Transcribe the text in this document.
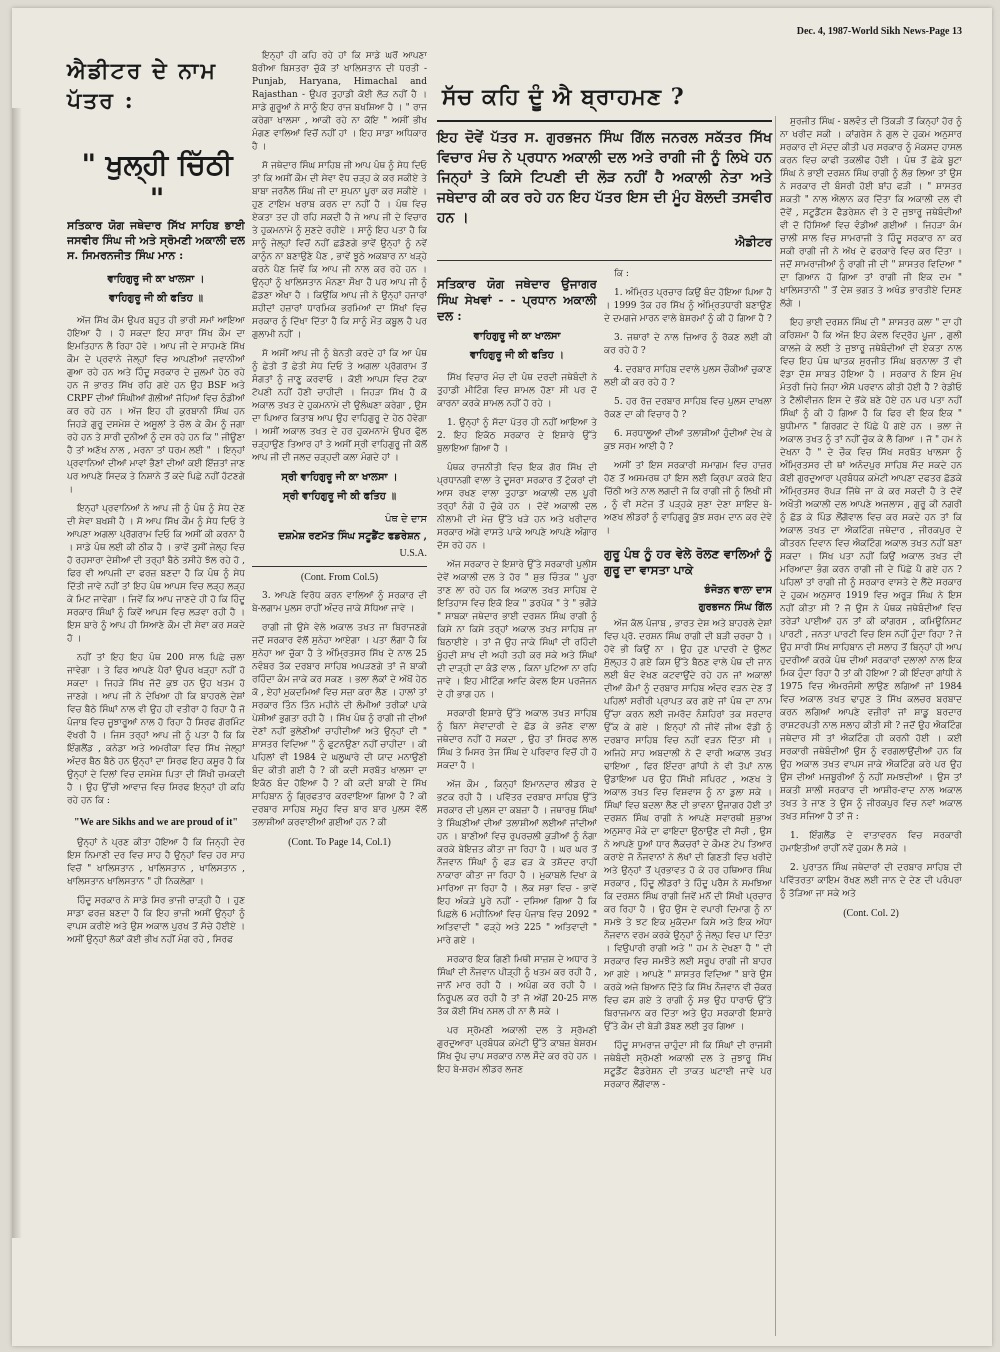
Dec. 4, 1987-World Sikh News-Page 13
ਐਡੀਟਰ ਦੇ ਨਾਮ ਪੱਤਰ :
" ਖੁਲ੍ਹੀ ਚਿੱਠੀ "
ਸਤਿਕਾਰ ਯੋਗ ਜਥੇਦਾਰ ਸਿੱਖ ਸਾਹਿਬ ਭਾਈ ਜਸਵੀਰ ਸਿੰਘ ਜੀ ਅਤੇ ਸ੍ਰੋਮਣੀ ਅਕਾਲੀ ਦਲ ਸ. ਸਿਮਰਨਜੀਤ ਸਿੰਘ ਮਾਨ :
ਵਾਹਿਗੁਰੂ ਜੀ ਕਾ ਖਾਲਸਾ ।
ਵਾਹਿਗੁਰੂ ਜੀ ਕੀ ਫਤਿਹ ॥

ਅੱਜ ਸਿੱਖ ਕੌਮ ਉਪਰ ਬਹੁਤ ਹੀ ਭਾਰੀ ਸਮਾਂ ਆਇਆ ਹੋਇਆ ਹੈ । ਹੋ ਸਕਦਾ ਇਹ ਸਾਰਾ ਸਿੱਖ ਕੌਮ ਦਾ ਇਮਤਿਹਾਨ ਲੈ ਰਿਹਾ ਹੋਵੇ । ਆਪ ਜੀ ਦੇ ਸਾਹਮਣੇ ਸਿੱਖ ਕੌਮ ਦੇ ਪ੍ਰਵਾਨੇ ਜੇਲ੍ਹਾਂ ਵਿਚ ਆਪਣੀਆਂ ਜਵਾਨੀਆਂ ਗੁਆ ਰਹੇ ਹਨ ਅਤੇ ਹਿੰਦੂ ਸਰਕਾਰ ਦੇ ਜ਼ੁਲਮਾਂ ਹੇਠ ਰਹੇ ਹਨ ਜੋ ਭਾਰਤ ਸਿੱਖ ਰਹਿ ਗਏ ਹਨ ਉਹ BSF ਅਤੇ CRPF ਦੀਆਂ ਸਿੰਘੀਆਂ ਗੋਲੀਆਂ ਜੋਹਿਆਂ ਵਿਚ ਠੰਡੀਆਂ ਕਰ ਰਹੇ ਹਨ । ਅੱਜ ਇਹ ਹੀ ਕੁਰਬਾਨੀ ਸਿੰਘ ਹਨ ਜਿਹੜੇ ਗੁਰੂ ਦਸਮੇਸ਼ ਦੇ ਅਸੂਲਾਂ ਤੇ ਚੱਲ ਕੇ ਕੌਮ ਨੂੰ ਜਗਾ ਰਹੇ ਹਨ ਤੇ ਸਾਰੀ ਦੁਨੀਆਂ ਨੂੰ ਦਸ ਰਹੇ ਹਨ ਕਿ " ਜੀਊਣਾ ਹੈ ਤਾਂ ਅਣੱਖ ਨਾਲ , ਮਰਨਾ ਤਾਂ ਧਰਮ ਲਈ " । ਇਨ੍ਹਾਂ ਪ੍ਰਵਾਨਿਆਂ ਦੀਆਂ ਮਾਵਾਂ ਭੈਣਾਂ ਦੀਆਂ ਕਈ ਇੱਜ਼ਤਾਂ ਜਾਣ ਪਰ ਆਪਣੇ ਸਿਦਕ ਤੇ ਨਿਸ਼ਾਨੇ ਤੋਂ ਕਦੇ ਪਿਛੇ ਨਹੀਂ ਹੱਟਣਗੇ ।

ਇਨ੍ਹਾਂ ਪ੍ਰਵਾਨਿਆਂ ਨੇ ਆਪ ਜੀ ਨੂੰ ਪੰਥ ਨੂੰ ਸੇਧ ਦੇਣ ਦੀ ਸੇਵਾ ਬਖਸ਼ੀ ਹੈ । ਸੋ ਆਪ ਸਿੱਖ ਕੌਮ ਨੂੰ ਸੇਧ ਦਿਓ ਤੇ ਆਪਣਾ ਅਗਲਾ ਪ੍ਰੋਗਰਾਮ ਦਿਓ ਕਿ ਅਸੀਂ ਕੀ ਕਰਨਾ ਹੈ । ਸਾਡੇ ਪੰਥ ਲਈ ਕੀ ਠੀਕ ਹੈ । ਭਾਵੇਂ ਤੁਸੀਂ ਜੇਲ੍ਹ ਵਿਚ ਹੋ ਰਹਸਾਰਾ ਦੇਸ਼ੀਆਂ ਦੀ ਤਰ੍ਹਾਂ ਬੈਠੇ ਤਸੀਹੇ ਝੱਲ ਰਹੇ ਹੋ , ਫਿਰ ਵੀ ਆਪਜੀ ਦਾ ਫਰਜ਼ ਬਣਦਾ ਹੈ ਕਿ ਪੰਥ ਨੂੰ ਸੇਧ ਦਿੱਤੀ ਜਾਵੇ ਨਹੀਂ ਤਾਂ ਇਹ ਪੰਥ ਆਪਸ ਵਿਚ ਲੜ੍ਹ ਲੜ੍ਹ ਕੇ ਮਿਟ ਜਾਵੇਗਾ । ਜਿਵੇਂ ਕਿ ਆਪ ਜਾਣਦੇ ਹੀ ਹੋ ਕਿ ਹਿੰਦੂ ਸਰਕਾਰ ਸਿੰਘਾਂ ਨੂੰ ਕਿਵੇਂ ਆਪਸ ਵਿਚ ਲੜਵਾ ਰਹੀ ਹੈ । ਇਸ ਬਾਰੇ ਨੂੰ ਆਪ ਹੀ ਸਿਆਣੇ ਕੌਮ ਦੀ ਸੇਵਾ ਕਰ ਸਕਦੇ ਹੋ ।

ਨਹੀਂ ਤਾਂ ਇਹ ਇਹ ਪੰਥ 200 ਸਾਲ ਪਿਛੇ ਚਲਾ ਜਾਵੇਗਾ । ਤੇ ਫਿਰ ਆਪਣੇ ਪੈਰਾਂ ਉਪਰ ਖੜ੍ਹਾ ਨਹੀਂ ਹੋ ਸਕਦਾ । ਜਿਹੜੇ ਸਿੱਖ ਜੱਦੋ ਕੁਝ ਹਨ ਉਹ ਖਤਮ ਹੋ ਜਾਣਗੇ । ਆਪ ਜੀ ਨੇ ਦੇਖਿਆ ਹੀ ਕਿ ਬਾਹਰਲੇ ਦੇਸ਼ਾਂ ਵਿਚ ਬੈਠੇ ਸਿੰਘਾਂ ਨਾਲ ਵੀ ਉਹ ਹੀ ਵਤੀਰਾ ਹੋ ਰਿਹਾ ਹੈ ਜੋ ਪੰਜਾਬ ਵਿਚ ਜੂਝਾਰੂਆਂ ਨਾਲ ਹੋ ਰਿਹਾ ਹੈ ਸਿਰਫ ਗੋਰਮਿੰਟ ਵੱਖਰੀ ਹੈ । ਜਿਸ ਤਰ੍ਹਾਂ ਆਪ ਜੀ ਨੂੰ ਪਤਾ ਹੈ ਕਿ ਕਿ ਇੰਗਲੈਂਡ , ਕਨੇਡਾ ਅਤੇ ਅਮਰੀਕਾ ਵਿਚ ਸਿੱਖ ਜੇਲ੍ਹਾਂ ਅੰਦਰ ਬੈਠ ਬੈਠੇ ਹਨ ਉਨ੍ਹਾਂ ਦਾ ਸਿਰਫ ਇਹ ਕਸੂਰ ਹੈ ਕਿ ਉਨ੍ਹਾਂ ਦੇ ਦਿਲਾਂ ਵਿਚ ਦਸਮੇਸ਼ ਪਿਤਾ ਦੀ ਸਿੱਖੀ ਚਮਕਦੀ ਹੈ । ਉਹ ਉੱਚੀ ਆਵਾਜ਼ ਵਿਚ ਸਿਰਫ ਇਨ੍ਹਾਂ ਹੀ ਕਹਿ ਰਹੇ ਹਨ ਕਿ :

"We are Sikhs and we are proud of it"

ਉਨ੍ਹਾਂ ਨੇ ਪ੍ਰਣ ਕੀਤਾ ਹੋਇਆ ਹੈ ਕਿ ਜਿਨ੍ਹੀ ਦੇਰ ਇਸ ਨਿਮਾਣੀ ਦਰ ਵਿਚ ਸਾਹ ਹੈ ਉਨ੍ਹਾਂ ਵਿਚ ਹਰ ਸਾਹ ਵਿਚੋਂ " ਖਾਲਿਸਤਾਨ , ਖਾਲਿਸਤਾਨ , ਖਾਲਿਸਤਾਨ , ਖਾਲਿਸਤਾਨ ਖਾਲਿਸਤਾਨ " ਹੀ ਨਿਕਲੇਗਾ ।

ਹਿੰਦੂ ਸਰਕਾਰ ਨੇ ਸਾਡੇ ਸਿਰ ਭਾਜੀ ਚਾੜ੍ਹੀ ਹੈ । ਹੁਣ ਸਾਡਾ ਫਰਜ਼ ਬਣਦਾ ਹੈ ਕਿ ਇਹ ਭਾਜੀ ਅਸੀਂ ਉਨ੍ਹਾਂ ਨੂੰ ਵਾਪਸ ਕਰੀਏ ਅਤੇ ਉਸ ਅਕਾਲ ਪੁਰਖ ਤੋਂ ਸੱਚੇ ਹੋਈਏ । ਅਸੀਂ ਉਨ੍ਹਾਂ ਲੋਕਾਂ ਕੋਈ ਭੀਖ ਨਹੀਂ ਮੰਗ ਰਹੇ , ਸਿਰਫ

ਇਨ੍ਹਾਂ ਹੀ ਕਹਿ ਰਹੇ ਹਾਂ ਕਿ ਸਾਡੇ ਘਰੋਂ ਆਪਣਾ ਬੋਰੀਆ ਬਿਸਤਰਾ ਚੁੱਕੋ ਤਾਂ ਖਾਲਿਸਤਾਨ ਦੀ ਧਰਤੀ - Punjab, Haryana, Himachal and Rajasthan - ਉਪਰ ਤੁਹਾਡੀ ਕੋਈ ਲੋੜ ਨਹੀਂ ਹੈ । ਸਾਡੇ ਗੁਰੂਆਂ ਨੇ ਸਾਨੂੰ ਇਹ ਰਾਜ ਬਖਸ਼ਿਆ ਹੈ । " ਰਾਜ ਕਰੇਗਾ ਖਾਲਸਾ , ਆਕੀ ਰਹੇ ਨਾ ਕੋਇ " ਅਸੀਂ ਭੀਖ ਮੰਗਣ ਵਾਲਿਆਂ ਵਿਚੋਂ ਨਹੀਂ ਹਾਂ । ਇਹ ਸਾਡਾ ਅਧਿਕਾਰ ਹੈ ।

ਸੋ ਜਥੇਦਾਰ ਸਿੰਘ ਸਾਹਿਬ ਜੀ ਆਪ ਪੰਥ ਨੂੰ ਸੇਧ ਦਿਓ ਤਾਂ ਕਿ ਅਸੀਂ ਕੌਮ ਦੀ ਸੇਵਾ ਵੱਧ ਚੜ੍ਹ ਕੇ ਕਰ ਸਕੀਏ ਤੇ ਬਾਬਾ ਜਰਨੈਲ ਸਿੰਘ ਜੀ ਦਾ ਸੁਪਨਾ ਪੂਰਾ ਕਰ ਸਕੀਏ । ਹੁਣ ਟਾਇਮ ਖਰਾਬ ਕਰਨ ਦਾ ਨਹੀਂ ਹੈ । ਪੰਥ ਵਿਚ ਏਕਤਾ ਤਦ ਹੀ ਰਹਿ ਸਕਦੀ ਹੈ ਜੇ ਆਪ ਜੀ ਦੇ ਵਿਚਾਰ ਤੇ ਹੁਕਮਨਾਮੇ ਨੂੰ ਸੁਣਦੇ ਰਹੀਏ । ਸਾਨੂੰ ਇਹ ਪਤਾ ਹੈ ਕਿ ਸਾਨੂੰ ਜੇਲ੍ਹਾਂ ਵਿਚੋਂ ਨਹੀਂ ਛਡੋਣਗੇ ਭਾਵੇਂ ਉਨ੍ਹਾਂ ਨੂੰ ਨਵੇਂ ਕਾਨੂੰਨ ਨਾ ਬਣਾਉਣੇ ਪੈਣ , ਭਾਵੇਂ ਝੂਠੇ ਅਕਬਾਰ ਨਾ ਖੜ੍ਹੇ ਕਰਨੇ ਪੈਣ ਜਿਵੇਂ ਕਿ ਆਪ ਜੀ ਨਾਲ ਕਰ ਰਹੇ ਹਨ । ਉਨ੍ਹਾਂ ਨੂੰ ਖਾਲਿਸਤਾਨ ਮੰਨਣਾ ਸੌਖਾ ਹੈ ਪਰ ਆਪ ਜੀ ਨੂੰ ਛੱਡਣਾ ਔਖਾ ਹੈ । ਕਿਉਂਕਿ ਆਪ ਜੀ ਨੇ ਉਨ੍ਹਾਂ ਹਜਾਰਾਂ ਸ਼ਹੀਦਾਂ ਹਜ਼ਾਰਾਂ ਧਾਰਮਿਕ ਭਰਮਿਆਂ ਦਾ ਸਿੱਖਾਂ ਵਿਚ ਸਰਕਾਰ ਨੂੰ ਦਿੱਖਾ ਦਿੱਤਾ ਹੈ ਕਿ ਸਾਨੂੰ ਮੌਤ ਕਬੂਲ ਹੈ ਪਰ ਗੁਲਾਮੀ ਨਹੀਂ ।

ਸੋ ਅਸੀਂ ਆਪ ਜੀ ਨੂੰ ਬੇਨਤੀ ਕਰਦੇ ਹਾਂ ਕਿ ਆ ਪੰਥ ਨੂੰ ਛੇਤੀ ਤੋਂ ਛੇਤੀ ਸੇਧ ਦਿਓ ਤੇ ਅਗਲਾ ਪ੍ਰੋਗਰਾਮ ਤੋਂ ਸੰਗਤਾਂ ਨੂੰ ਜਾਣੂ ਕਰਵਾਓ । ਕੋਈ ਆਪਸ ਵਿਚ ਟੋਕਾ ਟੋਪਣੀ ਨਹੀਂ ਹੋਣੀ ਚਾਹੀਦੀ । ਜਿਹੜਾ ਸਿੱਖ ਹੈ ਕੋ ਅਕਾਲ ਤਖਤ ਦੇ ਹੁਕਮਨਾਮੇ ਦੀ ਉਲੰਘਣਾ ਕਰੇਗਾ , ਉਸ ਦਾ ਪਿਆਰ ਕਿਤਾਬ ਆਪ ਉਹ ਵਾਹਿਗੁਰੂ ਦੇ ਹੇਠ ਹੋਵੇਗਾ । ਅਸੀਂ ਅਕਾਲ ਤਖਤ ਦੇ ਹਰ ਹੁਕਮਨਾਮੇ ਉਪਰ ਫੁੱਲ ਚੜ੍ਹਾਉਣ ਤਿਆਰ ਹਾਂ ਤੇ ਅਸੀਂ ਸ੍ਰੀ ਵਾਹਿਗੁਰੂ ਜੀ ਕੋਲੋਂ ਆਪ ਜੀ ਦੀ ਜਲਦ ਚੜ੍ਹਦੀ ਕਲਾ ਮੰਗਦੇ ਹਾਂ ।

ਸ੍ਰੀ ਵਾਹਿਗੁਰੂ ਜੀ ਕਾ ਖਾਲਸਾ ।
ਸ੍ਰੀ ਵਾਹਿਗੁਰੂ ਜੀ ਕੀ ਫਤਿਹ ॥
ਪੰਥ ਦੇ ਦਾਸ
ਦਸ਼ਮੇਸ਼ ਰਣਮੱਤ ਸਿੰਘ ਸਟੂਡੈਂਟ ਫਡਰੇਸ਼ਨ ,
U.S.A.
(Cont. From Col.5)

3. ਆਪਣੇ ਵਿਰੋਧ ਕਰਨ ਵਾਲਿਆਂ ਨੂੰ ਸਰਕਾਰ ਦੀ ਬੇ-ਲਗਾਮ ਪੁਲਸ ਰਾਹੀਂ ਅੰਦਰ ਜਾਕੇ ਸੋਧਿਆ ਜਾਵੇ ।

ਰਾਗੀ ਜੀ ਉਸੇ ਵੇਲੇ ਅਕਾਲ ਤਖਤ ਜਾ ਬਿਰਾਜਣਗੇ ਜਦੋਂ ਸਰਕਾਰ ਵੱਲੋਂ ਸੁਨੇਹਾ ਆਏਗਾ । ਪਤਾ ਲੱਗਾ ਹੈ ਕਿ ਸੁਨੇਹਾ ਆ ਚੁੱਕਾ ਹੈ ਤੇ ਅੰਮ੍ਰਿਤਸਰ ਸਿੱਖ ਦੇ ਨਾਲ 25 ਨਵੰਬਰ ਤੱਕ ਦਰਬਾਰ ਸਾਹਿਬ ਅਪੜਣਗੇ ਤਾਂ ਜੋ ਬਾਕੀ ਰਹਿੰਦਾ ਕੰਮ ਜਾਕੇ ਕਰ ਸਕਣ । ਭਲਾ ਲੋਕਾਂ ਦੇ ਅੱਖੋਂ ਹੇਠ ਕੋ , ਏਹਾਂ ਮੁਕਦਮਿਆਂ ਵਿਚ ਸਜ਼ਾ ਕਰਾ ਲੈਣ । ਹਾਲਾਂ ਤਾਂ ਸਰਕਾਰ ਤਿੰਨ ਤਿੰਨ ਮਹੀਨੇ ਦੀ ਲੰਮੀਆਂ ਤਰੀਕਾਂ ਪਾਕੇ ਪੇਸ਼ੀਆਂ ਭੁਗਤਾ ਰਹੀ ਹੈ । ਸਿੱਖ ਪੰਥ ਨੂੰ ਰਾਗੀ ਜੀ ਦੀਆਂ ਦੇਣਾਂ ਨਹੀਂ ਭੁਲੇਣੀਆਂ ਚਾਹੀਦੀਆਂ ਅਤੇ ਉਨ੍ਹਾਂ ਦੀ " ਸ਼ਾਸਤਰ ਵਿਦਿਆ " ਨੂੰ ਫੁਟਨਉਣਾ ਨਹੀਂ ਚਾਹੀਦਾ । ਕੀ ਪਹਿਲਾਂ ਵੀ 1984 ਦੇ ਘਲੂਘਾਰੇ ਦੀ ਯਾਦ ਮਨਾਉਣੀ ਬੰਦ ਕੀਤੀ ਗਈ ਹੈ ? ਕੀ ਕਦੀ ਸਰਬੱਤ ਖਾਲਸਾ ਦਾ ਇਕੱਠ ਬੰਦ ਹੋਇਆ ਹੈ ? ਕੀ ਕਦੀ ਬਾਕੀ ਦੇ ਸਿੱਖ ਸਾਹਿਬਾਨ ਨੂੰ ਗ੍ਰਿਫਤਾਰ ਕਰਵਾਇਆ ਗਿਆ ਹੈ ? ਕੀ ਦਰਬਾਰ ਸਾਹਿਬ ਸਮੂਹ ਵਿਚ ਬਾਰ ਬਾਰ ਪੁਲਸ ਵੱਲੋਂ ਤਲਾਸ਼ੀਆਂ ਕਰਵਾਈਆਂ ਗਈਆਂ ਹਨ ? ਕੀ

(Cont. To Page 14, Col.1)
ਸੱਚ ਕਹਿ ਦੂੰ ਐ ਬ੍ਰਾਹਮਣ ?
ਇਹ ਦੋਵੇਂ ਪੱਤਰ ਸ. ਗੁਰਭਜਨ ਸਿੰਘ ਗਿੱਲ ਜਨਰਲ ਸਕੱਤਰ ਸਿੱਖ ਵਿਚਾਰ ਮੰਚ ਨੇ ਪ੍ਰਧਾਨ ਅਕਾਲੀ ਦਲ ਅਤੇ ਰਾਗੀ ਜੀ ਨੂੰ ਲਿਖੇ ਹਨ ਜਿਨ੍ਹਾਂ ਤੇ ਕਿਸੇ ਟਿਪਣੀ ਦੀ ਲੋੜ ਨਹੀਂ ਹੈ ਅਕਾਲੀ ਨੇਤਾ ਅਤੇ ਜਥੇਦਾਰ ਕੀ ਕਰ ਰਹੇ ਹਨ ਇਹ ਪੱਤਰ ਇਸ ਦੀ ਮੂੰਹ ਬੋਲਦੀ ਤਸਵੀਰ ਹਨ ।
ਐਡੀਟਰ
ਸਤਿਕਾਰ ਯੋਗ ਜਥੇਦਾਰ ਉਜਾਗਰ ਸਿੰਘ ਸੇਖਵਾਂ - - ਪ੍ਰਧਾਨ ਅਕਾਲੀ ਦਲ :
ਵਾਹਿਗੁਰੂ ਜੀ ਕਾ ਖਾਲਸਾ
ਵਾਹਿਗੁਰੂ ਜੀ ਕੀ ਫਤਿਹ ।

ਸਿੱਖ ਵਿਚਾਰ ਮੰਚ ਦੀ ਪੰਥ ਦਰਦੀ ਜਥੇਬੰਦੀ ਨੇ ਤੁਹਾਡੀ ਮੀਟਿੰਗ ਵਿਚ ਸ਼ਾਮਲ ਹੋਣਾ ਸੀ ਪਰ ਦੋ ਕਾਰਨਾ ਕਰਕੇ ਸ਼ਾਮਲ ਨਹੀਂ ਹੋ ਰਹੇ ।

1. ਉਨ੍ਹਾਂ ਨੂੰ ਸੱਦਾ ਪੱਤਰ ਹੀ ਨਹੀਂ ਆਇਆ ਤੇ 2. ਇਹ ਇਕੱਠ ਸਰਕਾਰ ਦੇ ਇਸ਼ਾਰੇ ਉੱਤੇ ਬੁਲਾਇਆ ਗਿਆ ਹੈ ।

ਪੰਥਕ ਰਾਜਨੀਤੀ ਵਿਚ ਇਕ ਗੋਰ ਸਿੱਖ ਦੀ ਪ੍ਰਧਾਨਗੀ ਵਾਲਾ ਤੇ ਦੂਸਰਾ ਸਰਕਾਰ ਤੋਂ ਟੁੱਕਰਾਂ ਦੀ ਆਸ ਰਖਣ ਵਾਲਾ ਤੁਹਾਡਾ ਅਕਾਲੀ ਦਲ ਪੂਰੀ ਤਰ੍ਹਾਂ ਨੰਗੇ ਹੋ ਚੁੱਕੇ ਹਨ । ਦੋਵੇਂ ਅਕਾਲੀ ਦਲ ਨੀਲਾਮੀ ਦੀ ਮੇਜ਼ ਉੱਤੇ ਖੜੇ ਹਨ ਅਤੇ ਖਰੀਦਾਰ ਸਰਕਾਰ ਅੱਗੇ ਵਾਸਤੇ ਪਾਕੇ ਆਪਣੇ ਆਪਣੇ ਅੰਗਾਰ ਦੱਸ ਰਹੇ ਹਨ ।

ਅੱਜ ਸਰਕਾਰ ਦੇ ਇਸ਼ਾਰੇ ਉੱਤੇ ਸਰਕਾਰੀ ਪੁਲੀਸ ਦੇਵੇਂ ਅਕਾਲੀ ਦਲ ਤੇ ਹੋਰ " ਸ਼ੁਭ ਚਿੰਤਕ " ਪੂਰਾ ਤਾਣ ਲਾ ਰਹੇ ਹਨ ਕਿ ਅਕਾਲ ਤਖਤ ਸਾਹਿਬ ਦੇ ਇਤਿਹਾਸ ਵਿਚ ਇਕੋ ਇਕ " ਡਰਪੋਕ " ਤੇ " ਭਗੌੜੇ " ਸਾਬਕਾ ਜਥੇਦਾਰ ਭਾਈ ਦਰਸ਼ਨ ਸਿੰਘ ਰਾਗੀ ਨੂੰ ਕਿਸੇ ਨਾ ਕਿਸੇ ਤਰ੍ਹਾਂ ਅਕਾਲ ਤਖਤ ਸਾਹਿਬ ਜਾ ਬਿਠਾਈਏ । ਤਾਂ ਜੋ ਉਹ ਜਾਕੇ ਸਿੰਘਾਂ ਦੀ ਰਹਿੰਦੀ ਖੂੰਹਦੀ ਸ਼ਾਖ ਦੀ ਅਹੀ ਤਹੀ ਕਰ ਸਕੇ ਅਤੇ ਸਿੰਘਾਂ ਦੀ ਦਾੜ੍ਹੀ ਦਾ ਕੰਡੋ ਵਾਲ , ਕਿਨਾ ਪੁਟਿਆ ਨਾ ਰਹਿ ਜਾਵੇ । ਇਹ ਮੀਟਿੰਗ ਆਦਿ ਕੇਵਲ ਇਸ ਪਰਜੋਜਨ ਦੇ ਹੀ ਭਾਗ ਹਨ ।

ਸਰਕਾਰੀ ਇਸ਼ਾਰੇ ਉੱਤੇ ਅਕਾਲ ਤਖਤ ਸਾਹਿਬ ਨੂੰ ਬਿਨਾ ਸੇਵਾਦਾਰੀ ਦੇ ਛੱਡ ਕੇ ਭਜੱਣ ਵਾਲਾ ਜਥੇਦਾਰ ਨਹੀਂ ਹੋ ਸਕਦਾ , ਉਹ ਤਾਂ ਸਿਰਫ ਲਾਲ ਸਿੰਘ ਤੇ ਮਿਸਰ ਤੇਜ ਸਿੰਘ ਦੇ ਪਰਿਵਾਰ ਵਿਚੋਂ ਹੀ ਹੋ ਸਕਦਾ ਹੈ ।

ਅੱਜ ਕੌਮ , ਕਿਨ੍ਹਾਂ ਇਮਾਨਦਾਰ ਲੀਡਰ ਦੇ ਭਟਕ ਰਹੀ ਹੈ । ਪਵਿੱਤਰ ਦਰਬਾਰ ਸਾਹਿਬ ਉੱਤੇ ਸਰਕਾਰ ਦੀ ਪੁਲਸ ਦਾ ਕਬਜ਼ਾ ਹੈ । ਜਥਾਰਥੁ ਸਿੰਘਾਂ ਤੇ ਸਿੰਘਣੀਆਂ ਦੀਆਂ ਤਲਾਸ਼ੀਆਂ ਲਈਆਂ ਜਾਂਦੀਆਂ ਹਨ । ਬਾਣੀਆਂ ਵਿਚ ਰੁਪਰਚਲੀ ਕੁੜੀਆਂ ਨੂੰ ਨੰਗਾ ਕਰਕੇ ਬੇਇਜ਼ਤ ਕੀਤਾ ਜਾ ਰਿਹਾ ਹੈ । ਘਰ ਘਰ ਤੋਂ ਨੌਜਵਾਨ ਸਿੰਘਾਂ ਨੂੰ ਫੜ ਫੜ ਕੇ ਤਸ਼ੱਦਦ ਰਾਹੀਂ ਨਾਕਾਰਾ ਕੀਤਾ ਜਾ ਰਿਹਾ ਹੈ । ਮੁਕਾਬਲੇ ਦਿਖਾ ਕੇ ਮਾਰਿਆ ਜਾ ਰਿਹਾ ਹੈ । ਲੋਕ ਸਭਾ ਵਿਚ - ਭਾਵੇਂ ਇਹ ਅੰਕੜੇ ਪੂਰੇ ਨਹੀਂ - ਦਸਿਆ ਗਿਆ ਹੈ ਕਿ ਪਿਛਲੇ 6 ਮਹੀਨਿਆਂ ਵਿਚ ਪੰਜਾਬ ਵਿਚ 2092 " ਅਤਿਵਾਦੀ " ਫੜ੍ਹੇ ਅਤੇ 225 " ਅਤਿਵਾਦੀ " ਮਾਰੇ ਗਏ ।

ਸਰਕਾਰ ਇਕ ਗਿਣੀ ਮਿਥੀ ਸਾਜ਼ਸ਼ ਦੇ ਅਧਾਰ ਤੇ ਸਿੰਘਾਂ ਦੀ ਨੌਜਵਾਨ ਪੀੜ੍ਹੀ ਨੂੰ ਖਤਮ ਕਰ ਰਹੀ ਹੈ , ਜਾਨੋਂ ਮਾਰ ਰਹੀ ਹੈ । ਅਪੰਗ ਕਰ ਰਹੀ ਹੈ । ਨਿਰੂਪਲ ਕਰ ਰਹੀ ਹੈ ਤਾਂ ਜੋ ਅੱਗੋਂ 20-25 ਸਾਲ ਤੱਕ ਕੋਈ ਸਿੱਖ ਨਸਲ ਹੀ ਨਾ ਲੈ ਸਕੇ ।

ਪਰ ਸ੍ਰੋਮਣੀ ਅਕਾਲੀ ਦਲ ਤੇ ਸ੍ਰੋਮਣੀ ਗੁਰਦੁਆਰਾ ਪ੍ਰਬੰਧਕ ਕਮੇਟੀ ਉੱਤੇ ਕਾਬਜ਼ ਬੇਸ਼ਰਮ ਸਿੱਖ ਚੁੱਪ ਚਾਪ ਸਰਕਾਰ ਨਾਲ ਸੌਦੇ ਕਰ ਰਹੇ ਹਨ । ਇਹ ਬੇ-ਸ਼ਰਮ ਲੀਡਰ ਲਜਣ

ਕਿ :

1. ਅੰਮ੍ਰਿਤ ਪ੍ਰਚਾਰ ਕਿਉਂ ਬੰਦ ਹੋਇਆ ਪਿਆ ਹੈ । 1999 ਤੱਕ ਹਰ ਸਿੱਖ ਨੂੰ ਅੰਮ੍ਰਿਤਧਾਰੀ ਬਣਾਉਣ ਦੇ ਦਮਗਜੇ ਮਾਰਨ ਵਾਲੇ ਬੇਸ਼ਰਮਾਂ ਨੂੰ ਕੀ ਹੋ ਗਿਆ ਹੈ ?

3. ਜਥਾਰਾਂ ਦੇ ਨਾਲ ਜ਼ਿਆਰ ਨੂੰ ਰੋਕਣ ਲਈ ਕੀ ਕਰ ਰਹੇ ਹੋ ?

4. ਦਰਬਾਰ ਸਾਹਿਬ ਦਵਾਲੇ ਪੁਲਸ ਚੌਕੀਆਂ ਚੁਕਾਣ ਲਈ ਕੀ ਕਰ ਰਹੇ ਹੋ ?

5. ਹਰ ਰੋਜ਼ ਦਰਬਾਰ ਸਾਹਿਬ ਵਿਚ ਪੁਲਸ ਦਾਖਲਾ ਰੋਕਣ ਦਾ ਕੀ ਵਿਚਾਰ ਹੈ ?

6. ਸਰਧਾਲੂਆਂ ਦੀਆਂ ਤਲਾਸ਼ੀਆਂ ਹੁੰਦੀਆਂ ਦੇਖ ਕੇ ਕੁਝ ਸਰਮ ਆਈ ਹੈ ?

ਅਸੀਂ ਤਾਂ ਇਸ ਸਰਕਾਰੀ ਸਮਾਗਮ ਵਿਚ ਹਾਜ਼ਰ ਹੋਣ ਤੋਂ ਅਸਮਰਥ ਹਾਂ ਇਸ ਲਈ ਕ੍ਰਿਪਾ ਕਰਕੇ ਇਹ ਚਿੱਠੀ ਅਤੇ ਨਾਲ ਲਗਦੀ ਜੋ ਕਿ ਰਾਗੀ ਜੀ ਨੂੰ ਲਿਖੀ ਸੀ , ਨੂੰ ਵੀ ਸਟੇਜ ਤੋਂ ਪੜ੍ਹਕੇ ਸੁਣਾ ਦੇਣਾ ਸ਼ਾਇਦ ਬੇ-ਅਣਖ ਲੀਡਰਾਂ ਨੂੰ ਵਾਹਿਗੁਰੂ ਕੁੱਝ ਸ਼ਰਮ ਦਾਨ ਕਰ ਦੇਵੇ ।

ਗੁਰੂ ਪੰਥ ਨੂੰ ਹਰ ਵੇਲੇ ਰੋਲਣ ਵਾਲਿਆਂ ਨੂੰ ਗੁਰੂ ਦਾ ਵਾਸਤਾ ਪਾਕੇ
ਝੰਜੋੜਨ ਵਾਲਾ ਦਾਸ
ਗੁਰਭਜਨ ਸਿੰਘ ਗਿੱਲ

ਅੱਜ ਕੱਲ ਪੰਜਾਬ , ਭਾਰਤ ਦੇਸ਼ ਅਤੇ ਬਾਹਰਲੇ ਦੇਸ਼ਾਂ ਵਿਚ ਪ੍ਰੋ. ਦਰਸ਼ਨ ਸਿੰਘ ਰਾਗੀ ਦੀ ਬੜੀ ਚਰਚਾ ਹੈ । ਹੋਵੇ ਭੀ ਕਿਉਂ ਨਾ । ਉਹ ਹੁਣ ਪਾਦਰੀ ਦੇ ਉਲਟ ਸੁੱਲ੍ਹਤ ਹੋ ਗਏ ਕਿਸ ਉੱਤੇ ਬੈਠਣ ਵਾਲੇ ਪੰਥ ਦੀ ਜਾਨ ਲਈ ਬੰਦ ਵੇਖਣ ਕਟਵਾਉਂਦੇ ਰਹੇ ਹਨ ਜਾਂ ਅਕਾਲਾਂ ਦੀਆਂ ਕੌਮਾਂ ਨੂੰ ਦਰਬਾਰ ਸਾਹਿਬ ਅੰਦਰ ਵੜਨ ਦੇਣ ਤੋਂ ਪਹਿਲਾਂ ਸਰੀਰੀ ਪ੍ਰਾਪਤ ਕਰ ਗਏ ਜਾਂ ਪੰਥ ਦਾ ਨਾਮ ਉੱਚਾ ਕਰਨ ਲਈ ਜਮਰੋਦ ਨੰਸ਼ਹਿਰਾਂ ਤਕ ਸਰਦਾਰ ਉੱਕ ਕੇ ਗਏ । ਇਨ੍ਹਾਂ ਨੀ ਜੀਵੇਂ ਜੀਅ ਵੱਡੀ ਨੂੰ ਦਰਬਾਰ ਸਾਹਿਬ ਵਿਚ ਨਹੀਂ ਵੜਨ ਦਿੱਤਾ ਸੀ । ਅਜਿਹੇ ਸਾਹ ਅਬਦਾਲੀ ਨੇ ਦੋ ਵਾਰੀ ਅਕਾਲ ਤਖਤ ਢਾਇਆ , ਫਿਰ ਇੰਦਰਾ ਗਾਂਧੀ ਨੇ ਵੀ ਤੋਪਾਂ ਨਾਲ ਉਡਾਇਆ ਪਰ ਉਹ ਸਿੱਖੀ ਸਪਿਰਟ , ਅਣਖ ਤੇ ਅਕਾਲ ਤਖਤ ਵਿਚ ਵਿਸ਼ਵਾਸ ਨੂੰ ਨਾ ਡੁਲਾ ਸਕੇ । ਸਿੰਘਾਂ ਵਿਚ ਬਦਲਾ ਲੈਣ ਦੀ ਭਾਵਨਾ ਉਜਾਗਰ ਹੋਈ ਤਾਂ ਦਰਸ਼ਨ ਸਿੰਘ ਰਾਗੀ ਨੇ ਆਪਣੇ ਸਵਾਰਥੀ ਸੁਭਾਅ ਅਨੁਸਾਰ ਮੌਕੇ ਦਾ ਫਾਇਦਾ ਉਠਾਉਣ ਦੀ ਸੋਚੀ , ਉਸ ਨੇ ਆਪਣੇ ਧੂਆਂ ਧਾਰ ਲੈਕਚਰਾਂ ਦੇ ਕੌਮਣ ਟੇਪ ਤਿਆਰ ਕਰਾਏ ਜੋ ਨੌਜਵਾਨਾਂ ਨੇ ਲੱਖਾਂ ਦੀ ਗਿਣਤੀ ਵਿਚ ਖਰੀਦੇ ਅਤੇ ਉਨ੍ਹਾਂ ਤੋਂ ਪ੍ਰਭਾਵਤ ਹੋ ਕੇ ਹਰ ਹਥਿਆਰ ਸਿੰਘ ਸਰਕਾਰ , ਹਿੰਦੂ ਲੀਡਰਾਂ ਤੇ ਹਿੰਦੂ ਪਰੈਸ ਨੇ ਸਮਝਿਆ ਕਿ ਦਰਸ਼ਨ ਸਿੰਘ ਰਾਗੀ ਜਿਵੇਂ ਮਨੋਂ ਦੀ ਸਿੱਖੀ ਪ੍ਰਚਾਰ ਕਰ ਰਿਹਾ ਹੈ । ਉਹ ਉਸ ਦੇ ਵਪਾਰੀ ਦਿਮਾਗ ਨੂੰ ਨਾ ਸਮਝੇ ਤੇ ਝਟ ਇਕ ਮੁਕੱਦਮਾ ਕਿਸੇ ਅਤੇ ਇਕ ਅੱਧਾ ਨੌਜਵਾਨ ਵਰਮ ਕਰਕੇ ਉਨ੍ਹਾਂ ਨੂੰ ਜੇਲ੍ਹ ਵਿਚ ਪਾ ਦਿੱਤਾ । ਵਿਉਪਾਰੀ ਰਾਗੀ ਅਤੇ " ਹਮ ਨੇ ਦੇਖਣਾ ਹੈ " ਦੀ ਸਰਕਾਰ ਵਿਚ ਸਮਝੌਤੇ ਲਈ ਸਰੂਪ ਰਾਗੀ ਜੀ ਬਾਹਰ ਆ ਗਏ । ਆਪਣੇ " ਸ਼ਾਸਤਰ ਵਿਦਿਆ " ਬਾਰੇ ਉਸ ਕਰਕੇ ਅਜੇ ਬਿਆਨ ਦਿੱਤੇ ਕਿ ਸਿੱਖ ਨੌਜਵਾਨ ਵੀ ਚੱਕਰ ਵਿਚ ਫਸ ਗਏ ਤੇ ਰਾਗੀ ਨੂੰ ਸਭ ਉਹ ਧਾਰਾਓ ਉੱਤੇ ਬਿਰਾਜਮਾਨ ਕਰ ਦਿੱਤਾ ਅਤੇ ਉਹ ਸਰਕਾਰੀ ਇਸ਼ਾਰੇ ਉੱਤੇ ਕੌਮ ਦੀ ਬੇੜੀ ਡੋਬਣ ਲਈ ਤੁਰ ਗਿਆ ।

ਹਿੰਦੂ ਸਾਮਰਾਜ ਚਾਹੁੰਦਾ ਸੀ ਕਿ ਸਿੰਘਾਂ ਦੀ ਰਾਜਸੀ ਜਥੇਬੰਦੀ ਸ੍ਰੋਮਣੀ ਅਕਾਲੀ ਦਲ ਤੇ ਜੁਝਾਰੂ ਸਿੱਖ ਸਟੂਡੈਂਟ ਫੈਡਰੇਸ਼ਨ ਦੀ ਤਾਕਤ ਘਟਾਈ ਜਾਵੇ ਪਰ ਸਰਕਾਰ ਲੌਂਗੋਵਾਲ -

ਸੁਰਜੀਤ ਸਿੰਘ - ਬਲਵੰਤ ਦੀ ਤਿੱਕੜੀ ਤੋਂ ਕਿਨ੍ਹਾਂ ਹੋਰ ਨੂੰ ਨਾ ਖਰੀਦ ਸਕੀ । ਕਾਂਗਰੇਸ ਨੇ ਗੁਲ ਦੇ ਹੁਕਮ ਅਨੁਸਾਰ ਸਰਕਾਰ ਦੀ ਮੱਦਦ ਕੀਤੀ ਪਰ ਸਰਕਾਰ ਨੂੰ ਮੱਕਸਦ ਹਾਸਲ ਕਰਨ ਵਿਚ ਕਾਫੀ ਤਕਲੀਫ ਹੋਈ । ਪੰਥ ਤੋਂ ਛੇਕੇ ਬੂਟਾ ਸਿੰਘ ਨੇ ਭਾਈ ਦਰਸ਼ਨ ਸਿੰਘ ਰਾਗੀ ਨੂੰ ਲੱਭ ਲਿਆ ਤਾਂ ਉਸ ਨੇ ਸਰਕਾਰ ਦੀ ਬੰਸਰੀ ਹੋਈ ਬਾਂਹ ਫੜੀ । " ਸ਼ਾਸਤਰ ਸ਼ਕਤੀ " ਨਾਲ ਐਲਾਨ ਕਰ ਦਿੱਤਾ ਕਿ ਅਕਾਲੀ ਦਲ ਵੀ ਦੋਵੇਂ , ਸਟੂਡੈਂਟਸ ਫੈਡਰੇਸ਼ਨ ਵੀ ਤੇ ਦੋ ਜੁਝਾਰੂ ਜਥੇਬੰਦੀਆਂ ਵੀ ਦੋ ਹਿੱਸਿਆਂ ਵਿਚ ਵੰਡੀਆਂ ਗਈਆਂ । ਜਿਹੜਾ ਕੰਮ ਚਾਲੀ ਸਾਲ ਵਿਚ ਸਾਮਰਾਜੀ ਤੇ ਹਿੰਦੂ ਸਰਕਾਰ ਨਾ ਕਰ ਸਕੀ ਰਾਗੀ ਜੀ ਨੇ ਅੱਖ ਦੇ ਫਰਕਾਰੇ ਵਿਚ ਕਰ ਦਿੱਤਾ । ਜਦੋਂ ਸਾਮਰਾਜੀਆਂ ਨੂੰ ਰਾਗੀ ਜੀ ਦੀ " ਸ਼ਾਸਤਰ ਵਿਦਿਆ " ਦਾ ਗਿਆਨ ਹੋ ਗਿਆ ਤਾਂ ਰਾਗੀ ਜੀ ਇਕ ਦਮ " ਖਾਲਿਸਤਾਨੀ " ਤੋਂ ਦੇਸ਼ ਭਗਤ ਤੇ ਅਖੰਡ ਭਾਰਤੀਏ ਦਿਸਣ ਲੱਗੇ ।

ਇਹ ਭਾਈ ਦਰਸ਼ਨ ਸਿੰਘ ਦੀ " ਸ਼ਾਸਤਰ ਕਲਾ " ਦਾ ਹੀ ਕਰਿਸ਼ਮਾ ਹੈ ਕਿ ਅੱਜ ਇਹ ਕੇਵਲ ਵਿਦ੍ਰੋਹ ਪੂਜਾ , ਗੁਲੀ ਕਾਲਜੇ ਕੇ ਲਈ ਤੇ ਜੁਝਾਰੂ ਜਥੇਬੰਦੀਆਂ ਦੀ ਏਕਤਾ ਨਾਲ ਵਿਚ ਇਹ ਪੰਥ ਘਾਤਕ ਸੁਰਜੀਤ ਸਿੰਘ ਬਰਨਾਲਾ ਤੋਂ ਵੀ ਵੱਡਾ ਦੋਸ਼ ਸਾਬਤ ਹੋਇਆ ਹੈ । ਸਰਕਾਰ ਨੇ ਇਸ ਮੁੱਖ ਮੰਤਰੀ ਜਿਹੇ ਜਿਹਾ ਐਸੋ ਪਰਵਾਨ ਕੀਤੀ ਹੋਈ ਹੈ ? ਰੇਡੀਓ ਤੇ ਟੈਲੀਵੀਜ਼ਨ ਇਸ ਦੇ ਭੋਂਕੇ ਬਣੇ ਹੋਏ ਹਨ ਪਰ ਪਤਾ ਨਹੀਂ ਸਿੰਘਾਂ ਨੂੰ ਕੀ ਹੋ ਗਿਆ ਹੈ ਕਿ ਫਿਰ ਵੀ ਇਕ ਇਕ " ਬੁਧੀਮਾਨ " ਗਿਰਗਟ ਦੇ ਪਿੱਛੇ ਪੈ ਗਏ ਹਨ । ਭਲਾ ਜੇ ਅਕਾਲ ਤਖਤ ਨੂੰ ਤਾਂ ਨਹੀਂ ਚੁੱਕ ਕੇ ਲੈ ਗਿਆ । ਜੋ " ਹਮ ਨੇ ਦੇਖਨਾ ਹੈ " ਦੇ ਚੌਕ ਵਿਚ ਸਿੱਖ ਸਰਬੱਤ ਖਾਲਸਾ ਨੂੰ ਅੰਮ੍ਰਿਤਸਰ ਦੀ ਥਾਂ ਅਨੰਦਪੁਰ ਸਾਹਿਬ ਸੱਦ ਸਕਦੇ ਹਨ ਕੋਈ ਗੁਰਦੁਆਰਾ ਪ੍ਰਬੰਧਕ ਕਮੇਟੀ ਆਪਣਾ ਦਫਤਰ ਛੱਡਕੇ ਅੰਮ੍ਰਿਤਸਰ ਰੋਪੜ ਜਿੱਥੇ ਜਾ ਕੇ ਕਰ ਸਕਦੀ ਹੈ ਤੇ ਦੋਵੇਂ ਅਖੌਤੀ ਅਕਾਲੀ ਦਲ ਆਪਣੇ ਅਜਲਾਸ , ਗੁਰੂ ਕੀ ਨਗਰੀ ਨੂੰ ਛੱਡ ਕੇ ਪਿੰਡ ਲੌਂਗੋਵਾਲ ਵਿਚ ਕਰ ਸਕਦੇ ਹਨ ਤਾਂ ਕਿ ਅਕਾਲ ਤਖਤ ਦਾ ਐਕਟਿੰਗ ਜਥੇਦਾਰ , ਜੀਰਕਪੁਰ ਦੇ ਕੀਤਰਨ ਦਿਵਾਨ ਵਿਚ ਐਕਟਿੰਗ ਅਕਾਲ ਤਖਤ ਨਹੀਂ ਬਣਾ ਸਕਦਾ । ਸਿੱਖ ਪਤਾ ਨਹੀਂ ਕਿਉਂ ਅਕਾਲ ਤਖਤ ਦੀ ਮਰਿਆਦਾ ਭੰਗ ਕਰਨ ਰਾਗੀ ਜੀ ਦੇ ਪਿੱਛੇ ਪੈ ਗਏ ਹਨ ? ਪਹਿਲਾਂ ਤਾਂ ਰਾਗੀ ਜੀ ਨੂੰ ਸਰਕਾਰ ਵਾਸਤੇ ਦੇ ਲੈਂਦੇ ਸਰਕਾਰ ਦੇ ਹੁਕਮ ਅਨੁਸਾਰ 1919 ਵਿਚ ਅਰੂੜ ਸਿੰਘ ਨੇ ਇਸ ਨਹੀਂ ਕੀਤਾ ਸੀ ? ਜੋ ਉਸ ਨੇ ਪੰਥਕ ਜਥੇਬੰਦੀਆਂ ਵਿਚ ਤਰੇੜਾਂ ਪਾਈਆਂ ਹਨ ਤਾਂ ਕੀ ਕਾਂਗਰਸ , ਕਮਿਊਨਿਸਟ ਪਾਰਟੀ , ਜਨਤਾ ਪਾਰਟੀ ਵਿਚ ਇਸ ਨਹੀਂ ਹੁੰਦਾ ਰਿਹਾ ? ਜੇ ਉਹ ਸਾਰੀ ਸਿੱਖ ਸਾਹਿਬਾਨ ਦੀ ਸਲਾਹ ਤੋਂ ਬਿਨ੍ਹਾਂ ਹੀ ਆਪ ਹੁਦਰੀਆਂ ਕਰਕੇ ਪੰਥ ਦੀਆਂ ਸਰਕਾਰਾਂ ਦਲਾਲਾਂ ਨਾਲ ਇਕ ਮਿਕ ਹੁੰਦਾ ਰਿਹਾ ਹੈ ਤਾਂ ਕੀ ਹੋਇਆ ? ਕੀ ਇੰਦਰਾ ਗਾਂਧੀ ਨੇ 1975 ਵਿਚ ਐਮਰਜੰਸੀ ਲਾਉਣ ਲਗਿਆਂ ਜਾਂ 1984 ਵਿਚ ਅਕਾਲ ਤਖਤ ਢਾਹੁਣ ਤੇ ਸਿੱਖ ਕਲਚਰ ਬਰਬਾਦ ਕਰਨ ਲਗਿਆਂ ਆਪਣੇ ਵਜ਼ੀਰਾਂ ਜਾਂ ਸ਼ਾਡੂ ਬਰਦਾਰ ਰਾਸ਼ਟਰਪਤੀ ਨਾਲ ਸਲਾਹ ਕੀਤੀ ਸੀ ? ਜਦੋਂ ਉਹ ਐਕਟਿੰਗ ਜਥੇਦਾਰ ਸੀ ਤਾਂ ਐਕਟਿੰਗ ਹੀ ਕਰਨੀ ਹੋਈ । ਕਈ ਸਰਕਾਰੀ ਜਥੇਬੰਦੀਆਂ ਉਸ ਨੂੰ ਵਰਗਲਾਉਂਦੀਆਂ ਹਨ ਕਿ ਉਹ ਅਕਾਲ ਤਖਤ ਵਾਪਸ ਜਾਕੇ ਐਕਟਿੰਗ ਕਰੇ ਪਰ ਉਹ ਉਸ ਦੀਆਂ ਮਜਬੂਰੀਆਂ ਨੂੰ ਨਹੀਂ ਸਮਝਦੀਆਂ । ਉਸ ਤਾਂ ਸ਼ਕਤੀ ਸ਼ਾਲੀ ਸਰਕਾਰ ਦੀ ਆਸ਼ੀਰ-ਵਾਦ ਨਾਲ ਅਕਾਲ ਤਖਤ ਤੇ ਜਾਣ ਤੇ ਉਸ ਨੂੰ ਜੀਰਕਪੁਰ ਵਿਚ ਨਵਾਂ ਅਕਾਲ ਤਖਤ ਸਜਿਆ ਹੈ ਤਾਂ ਜੋ :

1. ਇੰਗਲੈਂਡ ਦੇ ਵਾਤਾਵਰਨ ਵਿਚ ਸਰਕਾਰੀ ਹਮਾਇਤੀਆਂ ਰਾਹੀਂ ਨਵੇਂ ਹੁਕਮ ਲੈ ਸਕੇ ।

2. ਪੁਰਾਤਨ ਸਿੰਘ ਜਥੇਦਾਰਾਂ ਦੀ ਦਰਬਾਰ ਸਾਹਿਬ ਦੀ ਪਵਿੱਤਰਤਾ ਕਾਇਮ ਰੱਖਣ ਲਈ ਜਾਨ ਦੇ ਦੇਣ ਦੀ ਪਰੰਪਰਾ ਨੂੰ ਤੋੜਿਆ ਜਾ ਸਕੇ ਅਤੇ

(Cont. Col. 2)
